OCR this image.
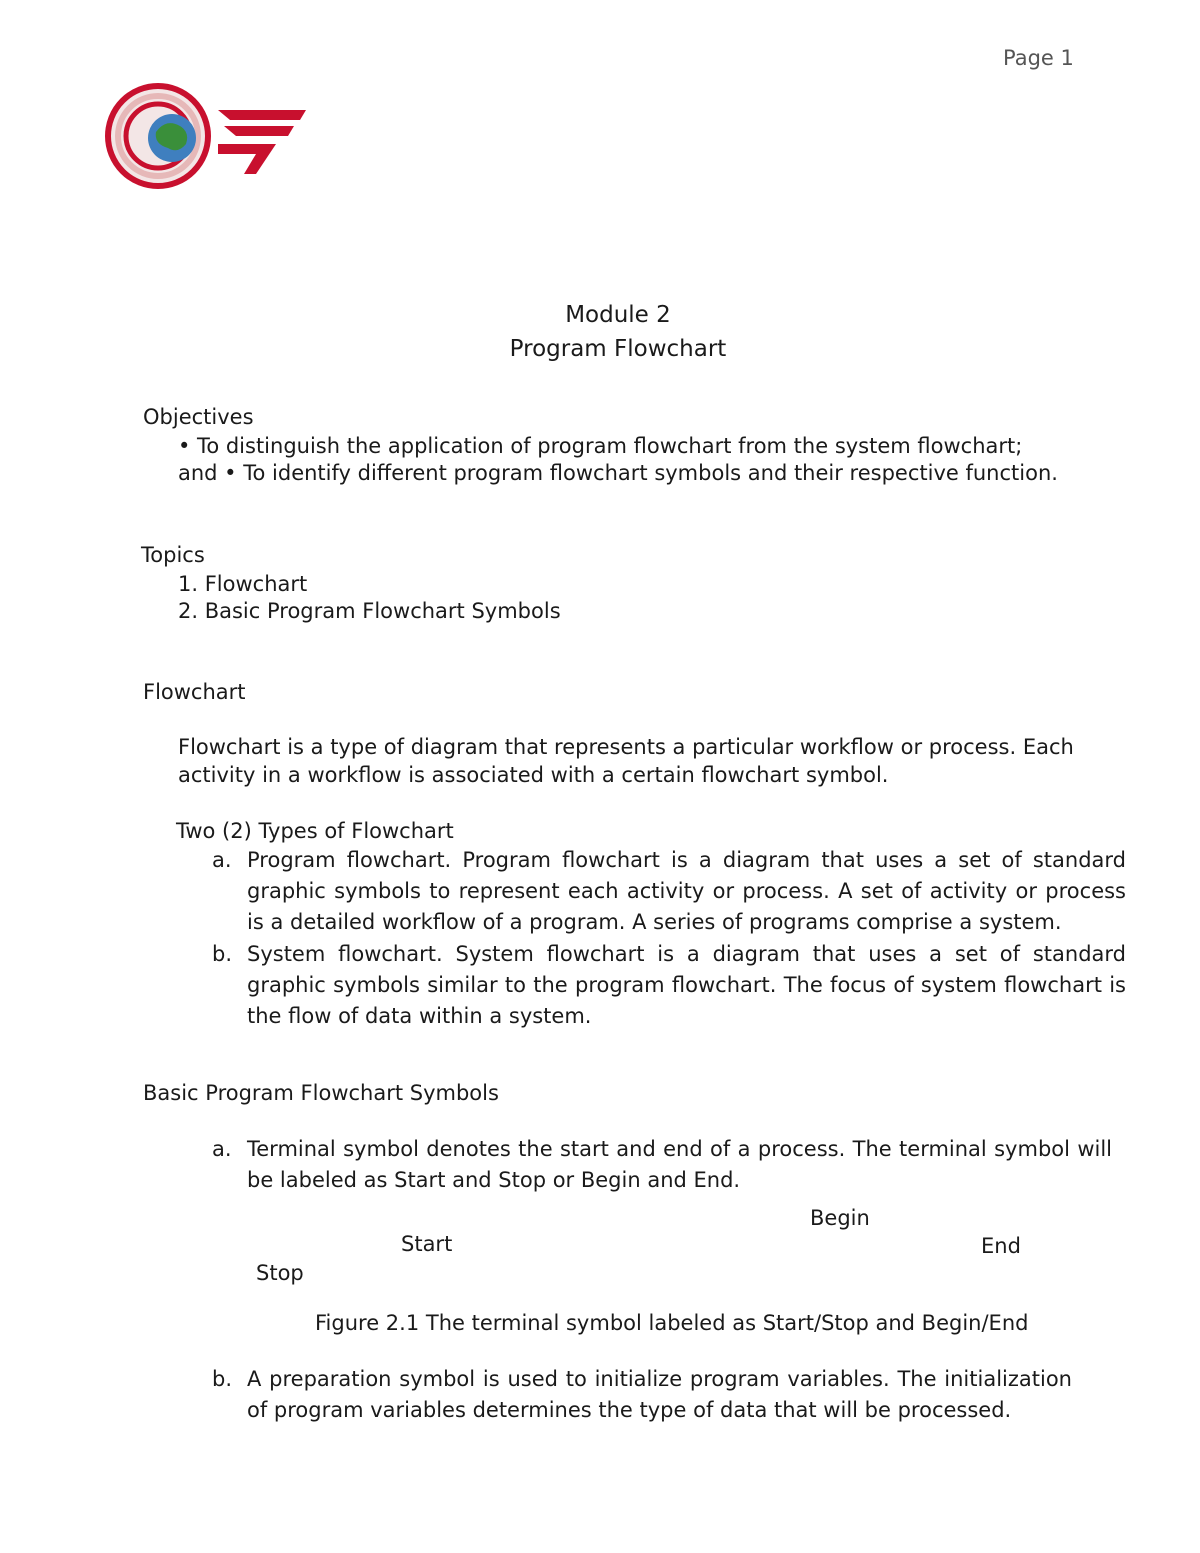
Page 1
Module 2
Program Flowchart
Objectives
• To distinguish the application of program flowchart from the system flowchart;
and • To identify different program flowchart symbols and their respective function.
Topics
1. Flowchart
2. Basic Program Flowchart Symbols
Flowchart
Flowchart is a type of diagram that represents a particular workflow or process. Each
activity in a workflow is associated with a certain flowchart symbol.
Two (2) Types of Flowchart
a. Program flowchart. Program flowchart is a diagram that uses a set of standard graphic symbols to represent each activity or process. A set of activity or process is a detailed workflow of a program. A series of programs comprise a system.
b. System flowchart. System flowchart is a diagram that uses a set of standard graphic symbols similar to the program flowchart. The focus of system flowchart is the flow of data within a system.
Basic Program Flowchart Symbols
a. Terminal symbol denotes the start and end of a process. The terminal symbol will be labeled as Start and Stop or Begin and End.
Begin
Start	End
Stop
Figure 2.1 The terminal symbol labeled as Start/Stop and Begin/End
b. A preparation symbol is used to initialize program variables. The initialization of program variables determines the type of data that will be processed.
